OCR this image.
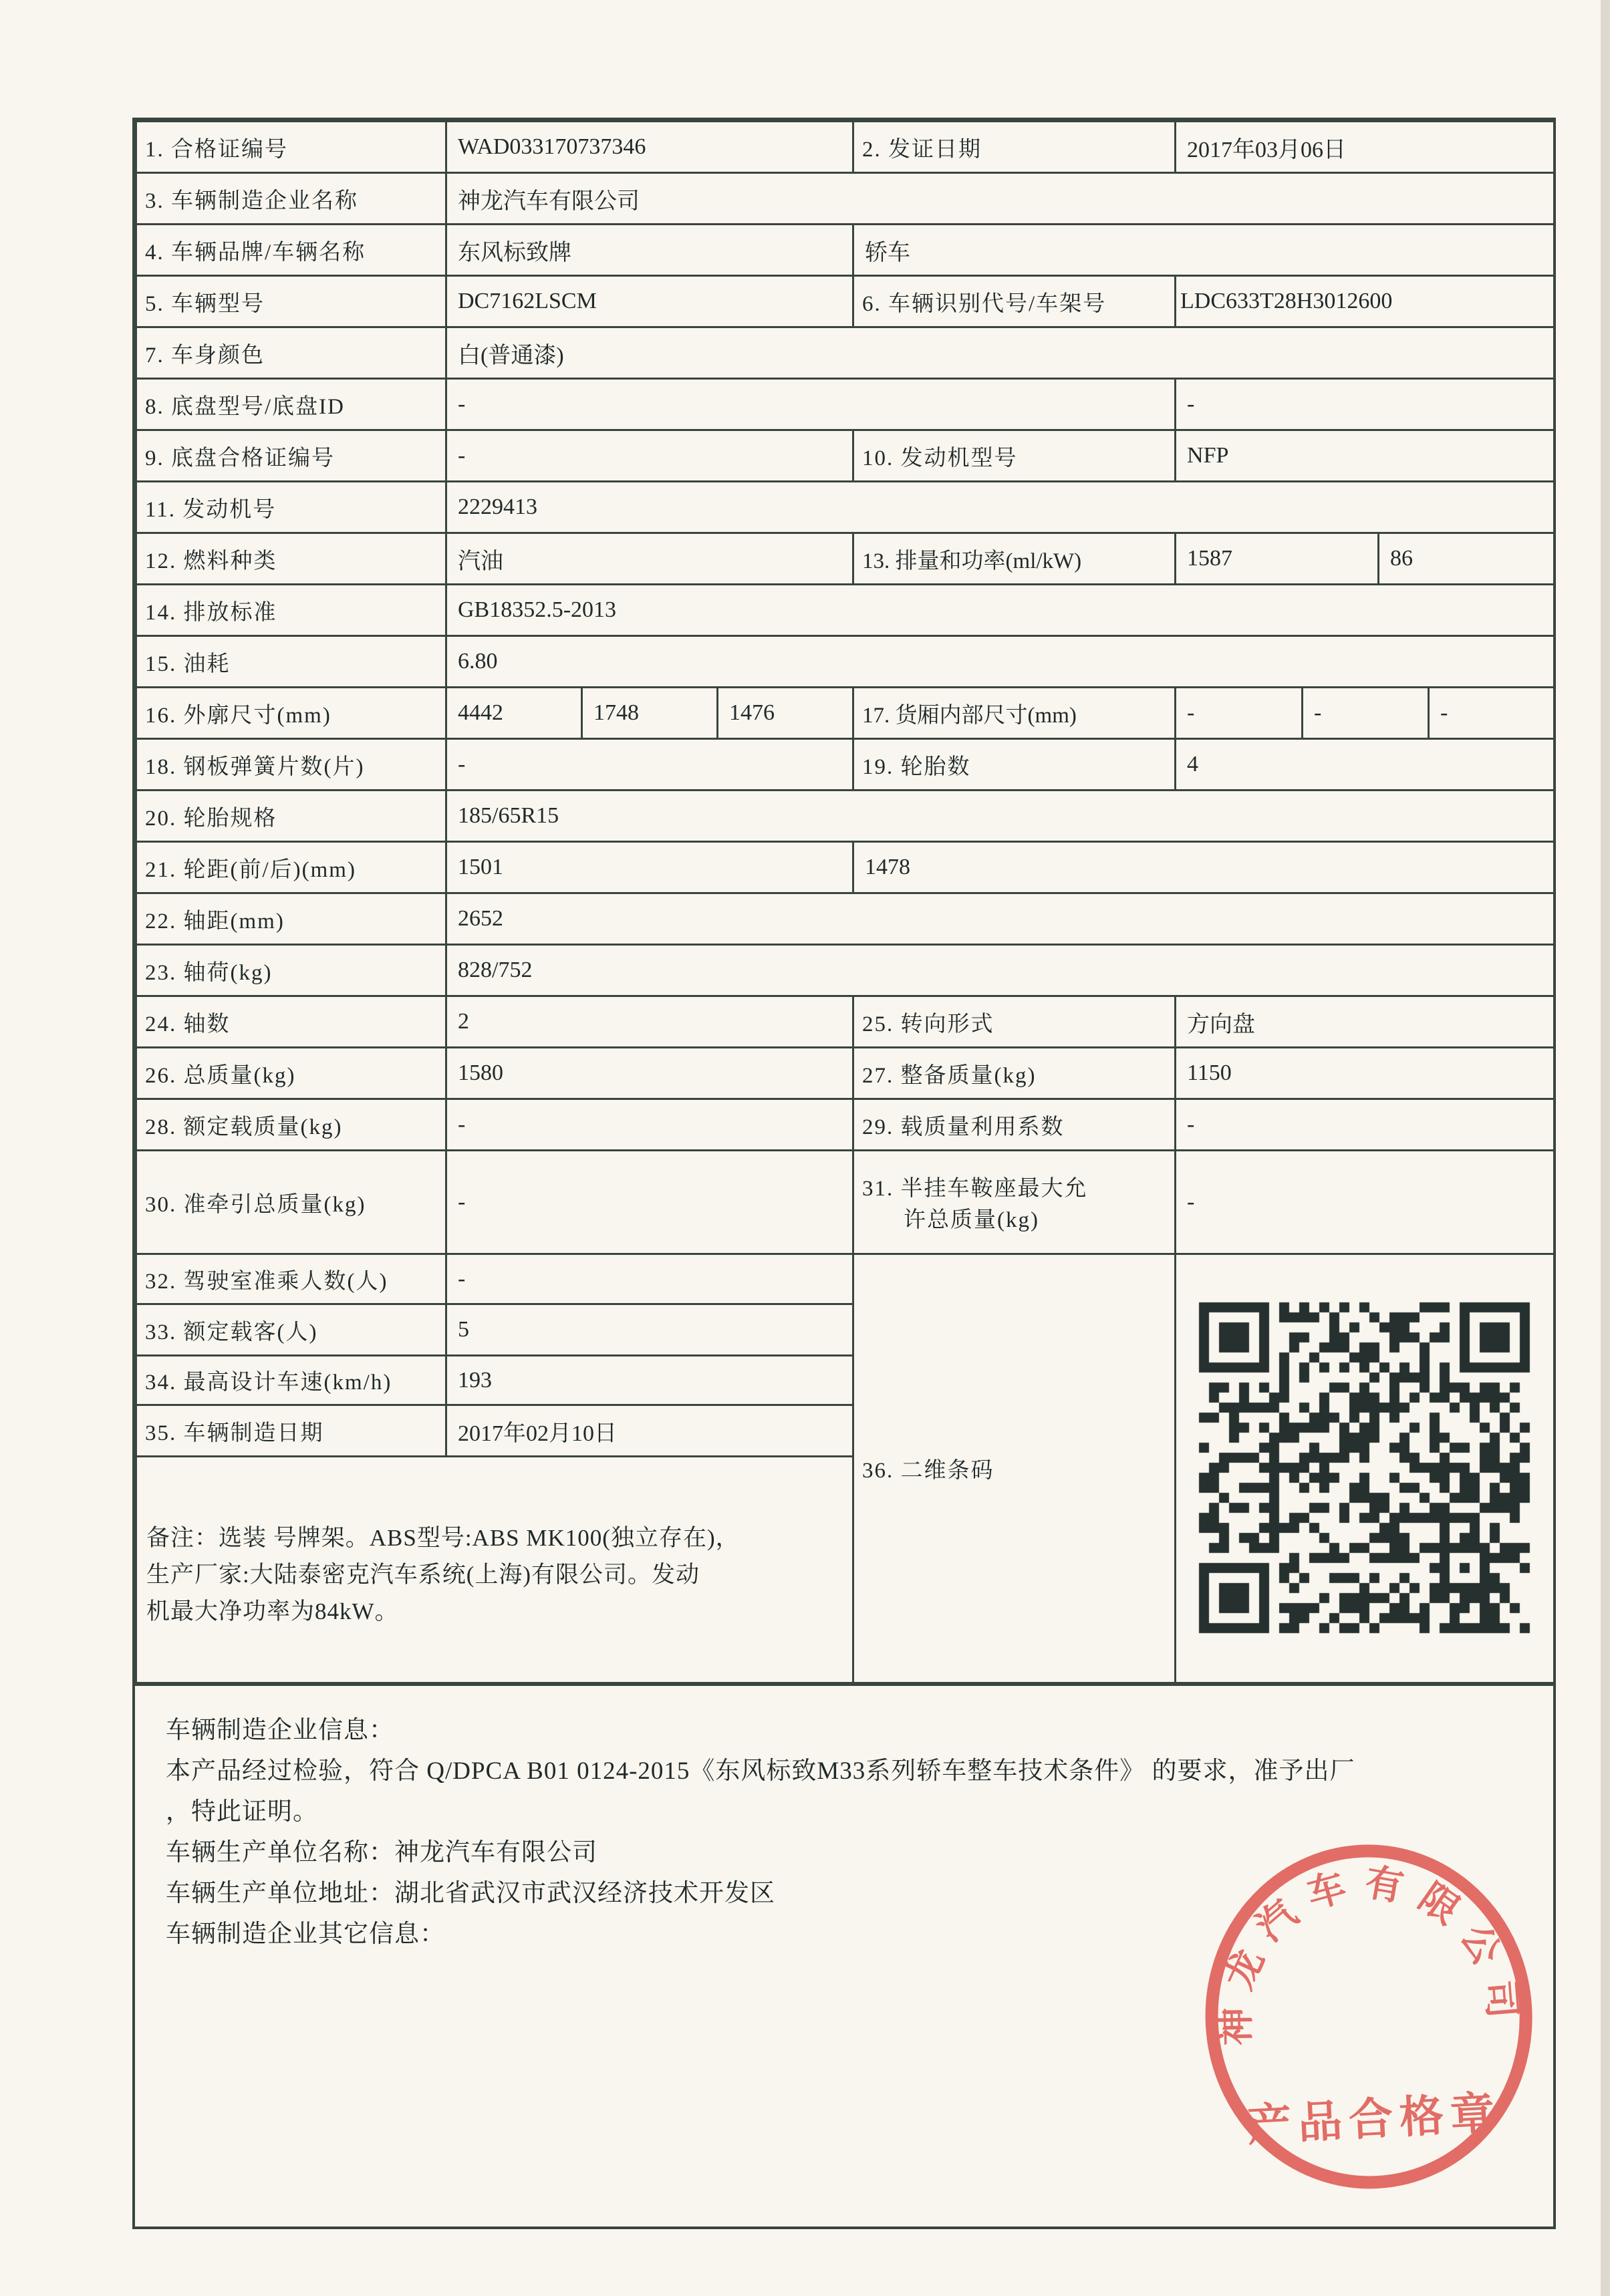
1. 合格证编号	WAD033170737346			2. 发证日期	2017年03月06日			
3. 车辆制造企业名称	神龙汽车有限公司							
4. 车辆品牌/车辆名称	东风标致牌			轿车				
5. 车辆型号	DC7162LSCM			6. 车辆识别代号/车架号	LDC633T28H3012600			
7. 车身颜色	白(普通漆)							
8. 底盘型号/底盘ID	-				-			
9. 底盘合格证编号	-			10. 发动机型号	NFP			
11. 发动机号	2229413							
12. 燃料种类	汽油			13. 排量和功率(ml/kW)	1587		86	
14. 排放标准	GB18352.5-2013							
15. 油耗	6.80							
16. 外廓尺寸(mm)	4442	1748	1476	17. 货厢内部尺寸(mm)	-	-		-
18. 钢板弹簧片数(片)	-			19. 轮胎数	4			
20. 轮胎规格	185/65R15							
21. 轮距(前/后)(mm)	1501			1478				
22. 轴距(mm)	2652							
23. 轴荷(kg)	828/752							
24. 轴数	2			25. 转向形式	方向盘			
26. 总质量(kg)	1580			27. 整备质量(kg)	1150			
28. 额定载质量(kg)	-			29. 载质量利用系数	-			
30. 准牵引总质量(kg)	-			31. 半挂车鞍座最大允
许总质量(kg)	-			
32. 驾驶室准乘人数(人)	-			36. 二维条码	

33. 额定载客(人)	5							
34. 最高设计车速(km/h)	193							
35. 车辆制造日期	2017年02月10日							

备注：选装 号牌架。ABS型号:ABS MK100(独立存在)，
生产厂家:大陆泰密克汽车系统(上海)有限公司。发动
机最大净功率为84kW。								
车辆制造企业信息：
本产品经过检验，符合 Q/DPCA B01 0124-2015《东风标致M33系列轿车整车技术条件》 的要求，准予出厂
，特此证明。
车辆生产单位名称：神龙汽车有限公司
车辆生产单位地址：湖北省武汉市武汉经济技术开发区
车辆制造企业其它信息：
神龙汽车有限公司
产品合格章
